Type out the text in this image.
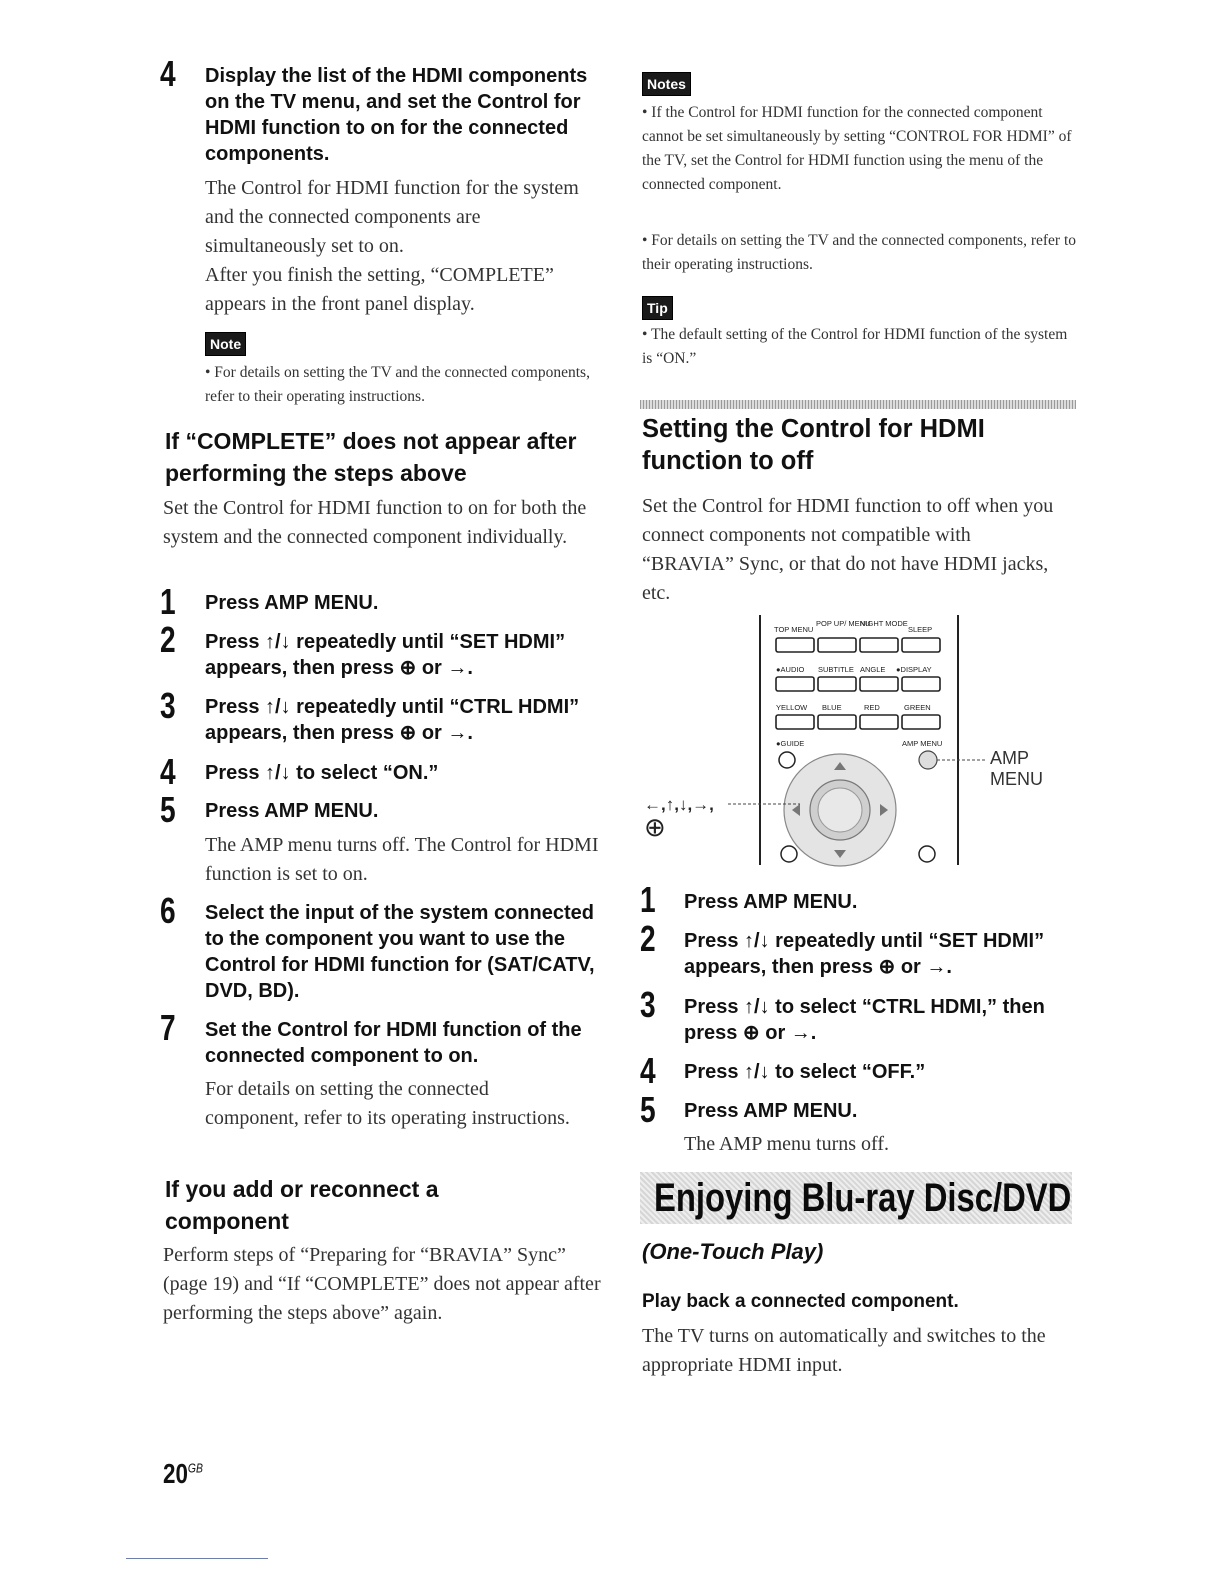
4 Display the list of the HDMI components on the TV menu, and set the Control for HDMI function to on for the connected components.
The Control for HDMI function for the system and the connected components are simultaneously set to on.
After you finish the setting, “COMPLETE” appears in the front panel display.
Note
• For details on setting the TV and the connected components, refer to their operating instructions.
If “COMPLETE” does not appear after performing the steps above
Set the Control for HDMI function to on for both the system and the connected component individually.
1 Press AMP MENU.
2 Press ↑/↓ repeatedly until “SET HDMI” appears, then press ⊕ or →.
3 Press ↑/↓ repeatedly until “CTRL HDMI” appears, then press ⊕ or →.
4 Press ↑/↓ to select “ON.”
5 Press AMP MENU.
The AMP menu turns off. The Control for HDMI function is set to on.
6 Select the input of the system connected to the component you want to use the Control for HDMI function for (SAT/CATV, DVD, BD).
7 Set the Control for HDMI function of the connected component to on.
For details on setting the connected component, refer to its operating instructions.
If you add or reconnect a component
Perform steps of “Preparing for “BRAVIA” Sync” (page 19) and “If “COMPLETE” does not appear after performing the steps above” again.
Notes
• If the Control for HDMI function for the connected component cannot be set simultaneously by setting “CONTROL FOR HDMI” of the TV, set the Control for HDMI function using the menu of the connected component.
• For details on setting the TV and the connected components, refer to their operating instructions.
Tip
• The default setting of the Control for HDMI function of the system is “ON.”
Setting the Control for HDMI function to off
Set the Control for HDMI function to off when you connect components not compatible with “BRAVIA” Sync, or that do not have HDMI jacks, etc.
TOP MENU
POP UP/ MENU
NIGHT MODE
SLEEP
●AUDIO SUBTITLE ANGLE ●DISPLAY
YELLOW BLUE	RED	GREEN
●GUIDE	AMP MENU
AMP
MENU
←,↑,↓,→,
⊕
1 Press AMP MENU.
2 Press ↑/↓ repeatedly until “SET HDMI” appears, then press ⊕ or →.
3 Press ↑/↓ to select “CTRL HDMI,” then press ⊕ or →.
4 Press ↑/↓ to select “OFF.”
5 Press AMP MENU.
The AMP menu turns off.
(One-Touch Play)
Play back a connected component.
The TV turns on automatically and switches to the appropriate HDMI input.
Enjoying Blu-ray Disc/DVD
$20^{GB}$
